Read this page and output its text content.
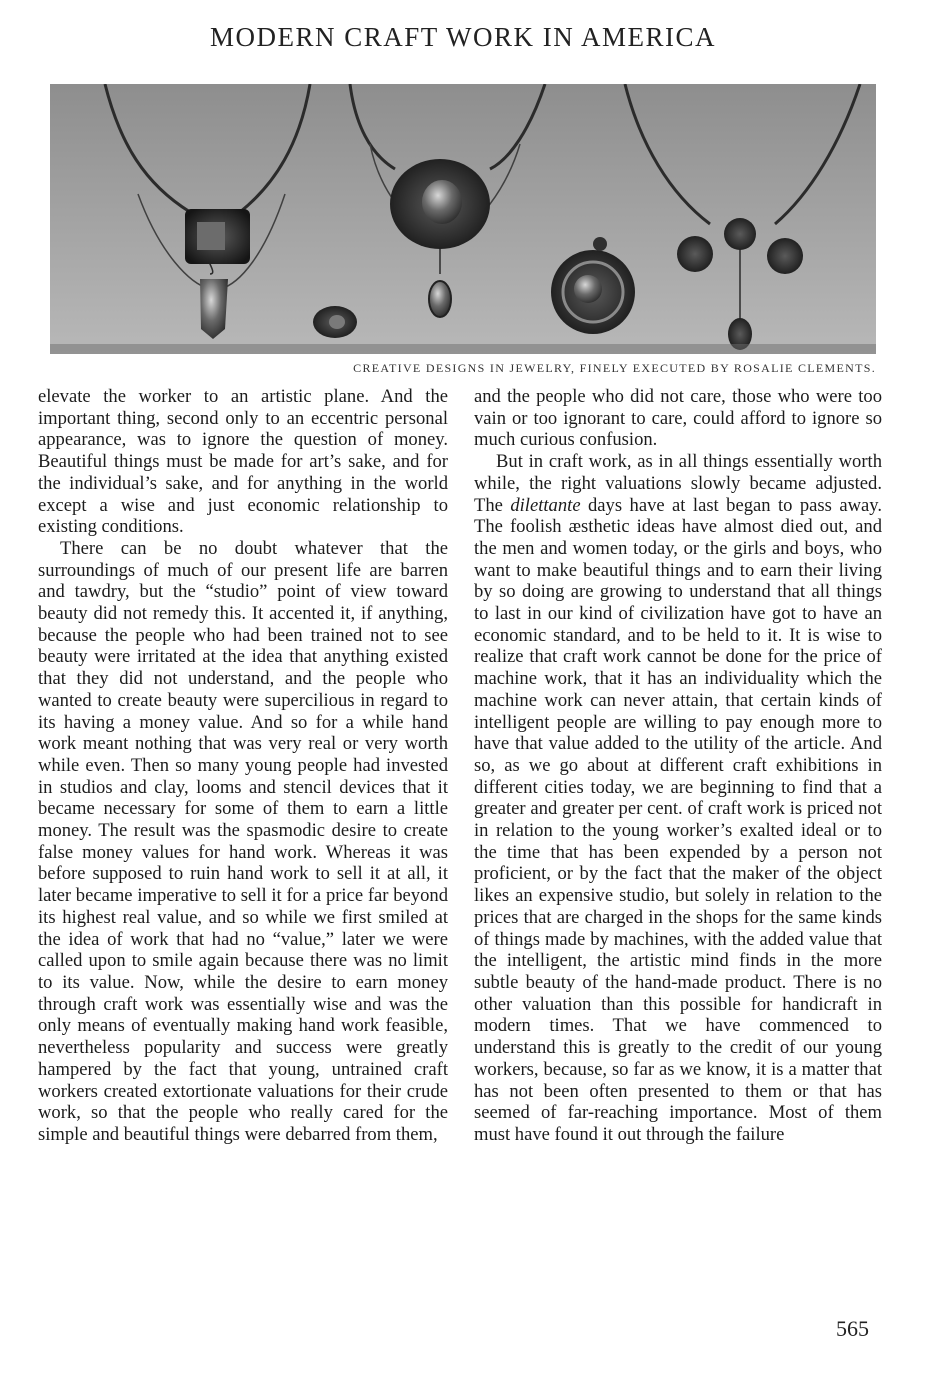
MODERN CRAFT WORK IN AMERICA
CREATIVE DESIGNS IN JEWELRY, FINELY EXECUTED BY ROSALIE CLEMENTS.

elevate the worker to an artistic plane. And the important thing, second only to an eccentric personal appearance, was to ignore the question of money. Beautiful things must be made for art’s sake, and for the individual’s sake, and for anything in the world except a wise and just economic relationship to existing conditions.

There can be no doubt whatever that the surroundings of much of our present life are barren and tawdry, but the “studio” point of view toward beauty did not remedy this. It accented it, if anything, because the people who had been trained not to see beauty were irritated at the idea that anything existed that they did not understand, and the people who wanted to create beauty were supercilious in regard to its having a money value. And so for a while hand work meant nothing that was very real or very worth while even. Then so many young people had invested in studios and clay, looms and stencil devices that it became necessary for some of them to earn a little money. The result was the spasmodic desire to create false money values for hand work. Whereas it was before supposed to ruin hand work to sell it at all, it later became imperative to sell it for a price far beyond its highest real value, and so while we first smiled at the idea of work that had no “value,” later we were called upon to smile again because there was no limit to its value. Now, while the desire to earn money through craft work was essentially wise and was the only means of eventually making hand work feasible, nevertheless popularity and success were greatly hampered by the fact that young, untrained craft workers created extortionate valuations for their crude work, so that the people who really cared for the simple and beautiful things were debarred from them,

and the people who did not care, those who were too vain or too ignorant to care, could afford to ignore so much curious confusion.

But in craft work, as in all things essentially worth while, the right valuations slowly became adjusted. The dilettante days have at last began to pass away. The foolish æsthetic ideas have almost died out, and the men and women today, or the girls and boys, who want to make beautiful things and to earn their living by so doing are growing to understand that all things to last in our kind of civilization have got to have an economic standard, and to be held to it. It is wise to realize that craft work cannot be done for the price of machine work, that it has an individuality which the machine work can never attain, that certain kinds of intelligent people are willing to pay enough more to have that value added to the utility of the article. And so, as we go about at different craft exhibitions in different cities today, we are beginning to find that a greater and greater per cent. of craft work is priced not in relation to the young worker’s exalted ideal or to the time that has been expended by a person not proficient, or by the fact that the maker of the object likes an expensive studio, but solely in relation to the prices that are charged in the shops for the same kinds of things made by machines, with the added value that the intelligent, the artistic mind finds in the more subtle beauty of the hand-made product. There is no other valuation than this possible for handicraft in modern times. That we have commenced to understand this is greatly to the credit of our young workers, because, so far as we know, it is a matter that has not been often presented to them or that has seemed of far-reaching importance. Most of them must have found it out through the failure

565
